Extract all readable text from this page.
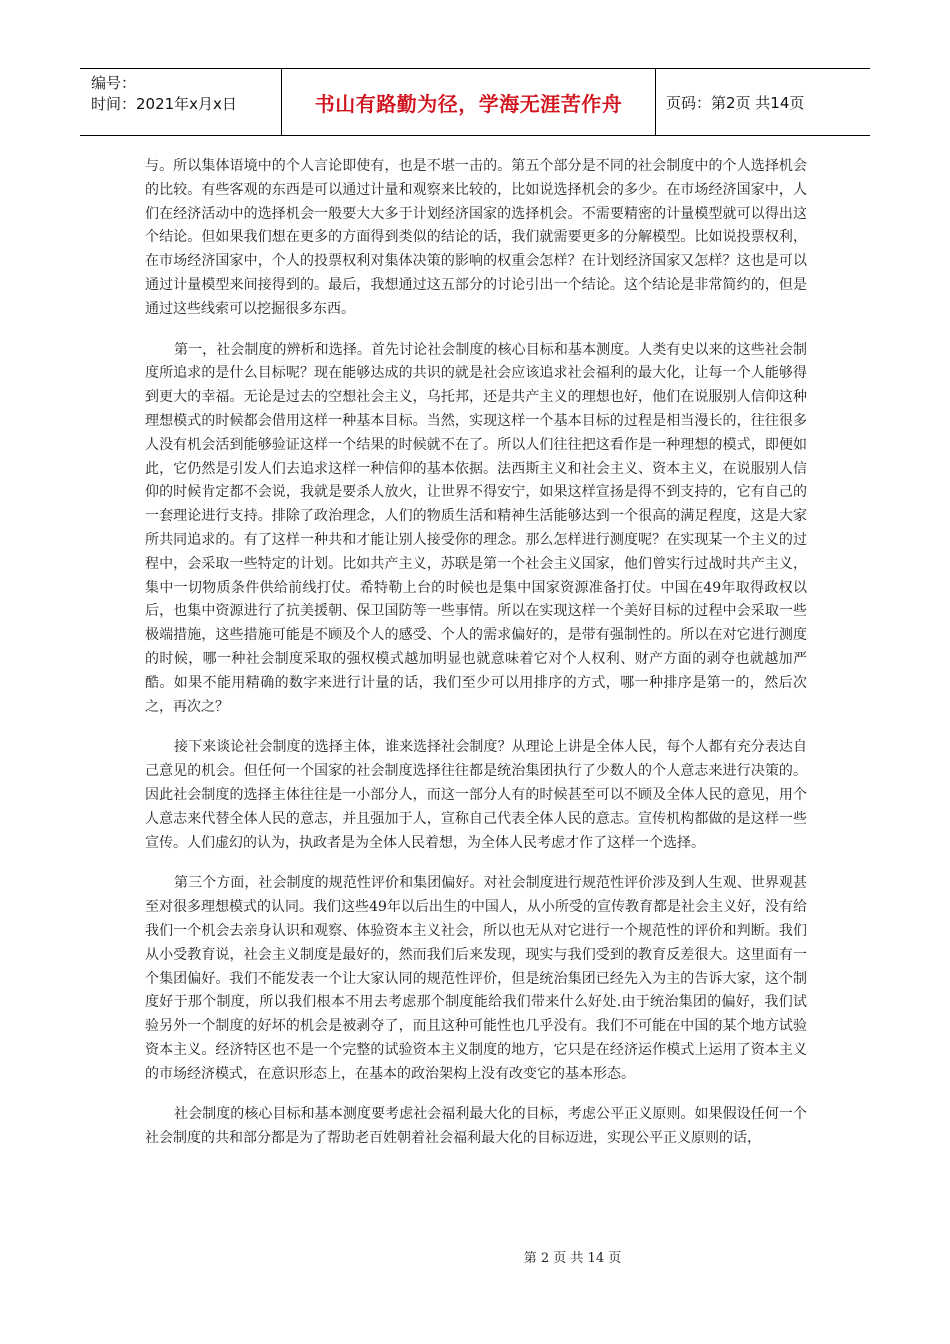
编号：
时间：2021年x月x日	书山有路勤为径，学海无涯苦作舟	页码：第2页 共14页

与。所以集体语境中的个人言论即使有，也是不堪一击的。第五个部分是不同的社会制度中的个人选择机会的比较。有些客观的东西是可以通过计量和观察来比较的，比如说选择机会的多少。在市场经济国家中，人们在经济活动中的选择机会一般要大大多于计划经济国家的选择机会。不需要精密的计量模型就可以得出这个结论。但如果我们想在更多的方面得到类似的结论的话，我们就需要更多的分解模型。比如说投票权利，在市场经济国家中，个人的投票权利对集体决策的影响的权重会怎样？在计划经济国家又怎样？这也是可以通过计量模型来间接得到的。最后，我想通过这五部分的讨论引出一个结论。这个结论是非常简约的，但是通过这些线索可以挖掘很多东西。

第一，社会制度的辨析和选择。首先讨论社会制度的核心目标和基本测度。人类有史以来的这些社会制度所追求的是什么目标呢？现在能够达成的共识的就是社会应该追求社会福利的最大化，让每一个人能够得到更大的幸福。无论是过去的空想社会主义，乌托邦，还是共产主义的理想也好，他们在说服别人信仰这种理想模式的时候都会借用这样一种基本目标。当然，实现这样一个基本目标的过程是相当漫长的，往往很多人没有机会活到能够验证这样一个结果的时候就不在了。所以人们往往把这看作是一种理想的模式，即便如此，它仍然是引发人们去追求这样一种信仰的基本依据。法西斯主义和社会主义、资本主义，在说服别人信仰的时候肯定都不会说，我就是要杀人放火，让世界不得安宁，如果这样宣扬是得不到支持的，它有自己的一套理论进行支持。排除了政治理念，人们的物质生活和精神生活能够达到一个很高的满足程度，这是大家所共同追求的。有了这样一种共和才能让别人接受你的理念。那么怎样进行测度呢？在实现某一个主义的过程中，会采取一些特定的计划。比如共产主义，苏联是第一个社会主义国家，他们曾实行过战时共产主义，集中一切物质条件供给前线打仗。希特勒上台的时候也是集中国家资源准备打仗。中国在49年取得政权以后，也集中资源进行了抗美援朝、保卫国防等一些事情。所以在实现这样一个美好目标的过程中会采取一些极端措施，这些措施可能是不顾及个人的感受、个人的需求偏好的，是带有强制性的。所以在对它进行测度的时候，哪一种社会制度采取的强权模式越加明显也就意味着它对个人权利、财产方面的剥夺也就越加严酷。如果不能用精确的数字来进行计量的话，我们至少可以用排序的方式，哪一种排序是第一的，然后次之，再次之？

接下来谈论社会制度的选择主体，谁来选择社会制度？从理论上讲是全体人民，每个人都有充分表达自己意见的机会。但任何一个国家的社会制度选择往往都是统治集团执行了少数人的个人意志来进行决策的。因此社会制度的选择主体往往是一小部分人，而这一部分人有的时候甚至可以不顾及全体人民的意见，用个人意志来代替全体人民的意志，并且强加于人，宣称自己代表全体人民的意志。宣传机构都做的是这样一些宣传。人们虚幻的认为，执政者是为全体人民着想，为全体人民考虑才作了这样一个选择。

第三个方面，社会制度的规范性评价和集团偏好。对社会制度进行规范性评价涉及到人生观、世界观甚至对很多理想模式的认同。我们这些49年以后出生的中国人，从小所受的宣传教育都是社会主义好，没有给我们一个机会去亲身认识和观察、体验资本主义社会，所以也无从对它进行一个规范性的评价和判断。我们从小受教育说，社会主义制度是最好的，然而我们后来发现，现实与我们受到的教育反差很大。这里面有一个集团偏好。我们不能发表一个让大家认同的规范性评价，但是统治集团已经先入为主的告诉大家，这个制度好于那个制度，所以我们根本不用去考虑那个制度能给我们带来什么好处.由于统治集团的偏好，我们试验另外一个制度的好坏的机会是被剥夺了，而且这种可能性也几乎没有。我们不可能在中国的某个地方试验资本主义。经济特区也不是一个完整的试验资本主义制度的地方，它只是在经济运作模式上运用了资本主义的市场经济模式，在意识形态上，在基本的政治架构上没有改变它的基本形态。

社会制度的核心目标和基本测度要考虑社会福利最大化的目标，考虑公平正义原则。如果假设任何一个社会制度的共和部分都是为了帮助老百姓朝着社会福利最大化的目标迈进，实现公平正义原则的话，

第 2 页 共 14 页
